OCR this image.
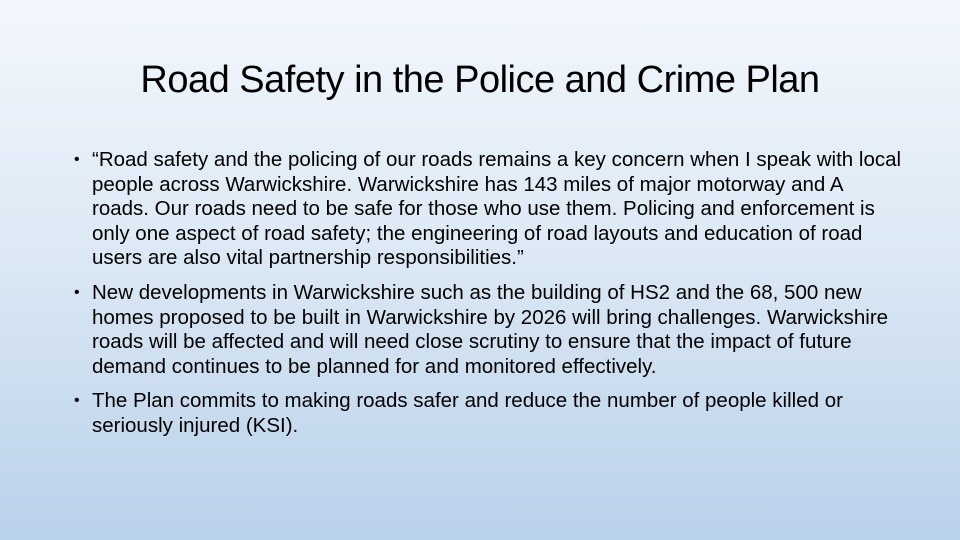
Road Safety in the Police and Crime Plan
• “Road safety and the policing of our roads remains a key concern when I speak with local people across Warwickshire. Warwickshire has 143 miles of major motorway and A roads. Our roads need to be safe for those who use them. Policing and enforcement is only one aspect of road safety; the engineering of road layouts and education of road users are also vital partnership responsibilities.”
• New developments in Warwickshire such as the building of HS2 and the 68, 500 new homes proposed to be built in Warwickshire by 2026 will bring challenges. Warwickshire roads will be affected and will need close scrutiny to ensure that the impact of future demand continues to be planned for and monitored effectively.
• The Plan commits to making roads safer and reduce the number of people killed or seriously injured (KSI).
